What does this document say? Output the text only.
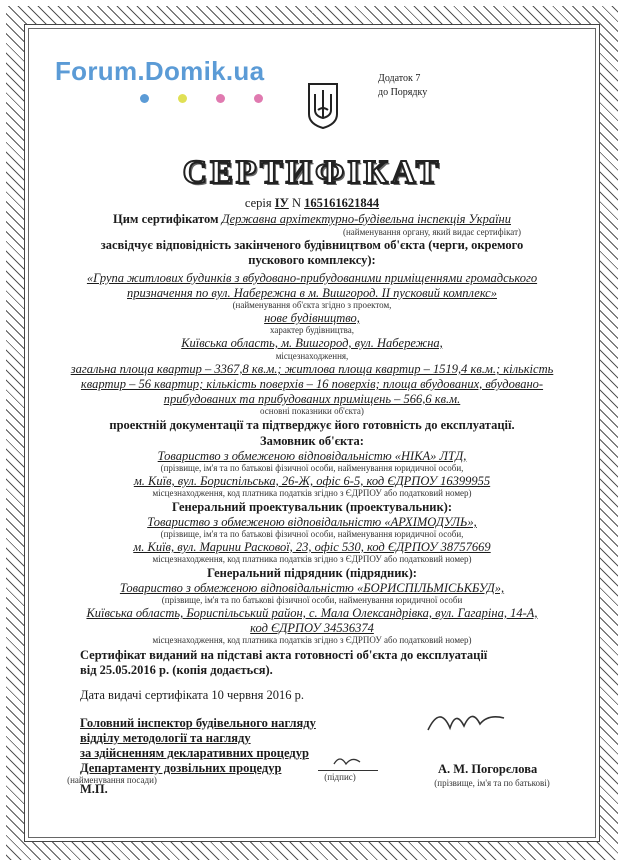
Forum.Domik.ua	Додаток 7
до Порядку
СЕРТИФІКАТ
серія IУ N 165161621844
Цим сертифікатом Державна архітектурно-будівельна інспекція України
(найменування органу, який видає сертифікат)
засвідчує відповідність закінченого будівництвом об'єкта (черги, окремого
пускового комплексу):
«Група житлових будинків з вбудовано-прибудованими приміщеннями громадського
призначення по вул. Набережна в м. Вишгород. ІІ пусковий комплекс»
(найменування об'єкта згідно з проектом,
нове будівництво,
характер будівництва,
Київська область, м. Вишгород, вул. Набережна,
місцезнаходження,
загальна площа квартир – 3367,8 кв.м.; житлова площа квартир – 1519,4 кв.м.; кількість
квартир – 56 квартир; кількість поверхів – 16 поверхів; площа вбудованих, вбудовано-
прибудованих та прибудованих приміщень – 566,6 кв.м.
основні показники об'єкта)
проектній документації та підтверджує його готовність до експлуатації.
Замовник об'єкта:
Товариство з обмеженою відповідальністю «НІКА» ЛТД,
(прізвище, ім'я та по батькові фізичної особи, найменування юридичної особи,
м. Київ, вул. Бориспільська, 26-Ж, офіс 6-5, код ЄДРПОУ 16399955
місцезнаходження, код платника податків згідно з ЄДРПОУ або податковий номер)
Генеральний проектувальник (проектувальник):
Товариство з обмеженою відповідальністю «АРХІМОДУЛЬ»,
(прізвище, ім'я та по батькові фізичної особи, найменування юридичної особи,
м. Київ, вул. Марини Раскової, 23, офіс 530, код ЄДРПОУ 38757669
місцезнаходження, код платника податків згідно з ЄДРПОУ або податковий номер)
Генеральний підрядник (підрядник):
Товариство з обмеженою відповідальністю «БОРИСПІЛЬМІСЬКБУД»,
(прізвище, ім'я та по батькові фізичної особи, найменування юридичної особи
Київська область, Бориспільський район, с. Мала Олександрівка, вул. Гагаріна, 14-А,
код ЄДРПОУ 34536374
місцезнаходження, код платника податків згідно з ЄДРПОУ або податковий номер)
Сертифікат виданий на підставі акта готовності об'єкта до експлуатації
від 25.05.2016 р. (копія додається).
Дата видачі сертифіката 10 червня 2016 р.
Головний інспектор будівельного нагляду
відділу методології та нагляду
за здійсненням декларативних процедур
Департаменту дозвільних процедур
(найменування посади)	(підпис)
А. М. Погорєлова
(прізвище, ім'я та по батькові)
М.П.
